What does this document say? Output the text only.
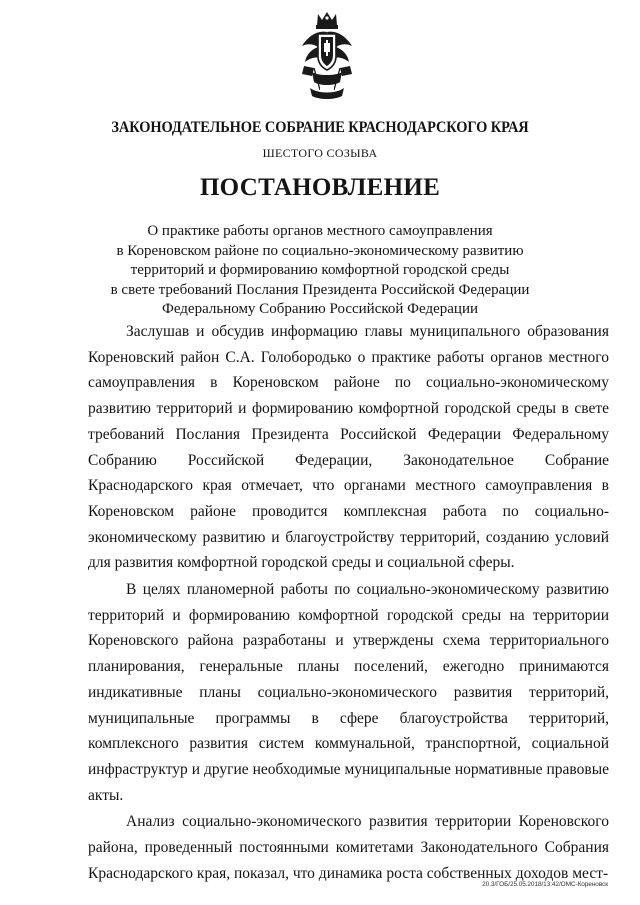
ЗАКОНОДАТЕЛЬНОЕ СОБРАНИЕ КРАСНОДАРСКОГО КРАЯ
ШЕСТОГО СОЗЫВА
ПОСТАНОВЛЕНИЕ
О практике работы органов местного самоуправления
в Кореновском районе по социально-экономическому развитию
территорий и формированию комфортной городской среды
в свете требований Послания Президента Российской Федерации
Федеральному Собранию Российской Федерации

Заслушав и обсудив информацию главы муниципального образования Кореновский район С.А. Голобородько о практике работы органов местного самоуправления в Кореновском районе по социально-экономическому развитию территорий и формированию комфортной городской среды в свете требований Послания Президента Российской Федерации Федеральному Собранию Российской Федерации, Законодательное Собрание Краснодарского края отмечает, что органами местного самоуправления в Кореновском районе проводится комплексная работа по социально-экономическому развитию и благоустройству территорий, созданию условий для развития комфортной городской среды и социальной сферы.

В целях планомерной работы по социально-экономическому развитию территорий и формированию комфортной городской среды на территории Кореновского района разработаны и утверждены схема территориального планирования, генеральные планы поселений, ежегодно принимаются индикативные планы социально-экономического развития территорий, муниципальные программы в сфере благоустройства территорий, комплексного развития систем коммунальной, транспортной, социальной инфраструктур и другие необходимые муниципальные нормативные правовые акты.

Анализ социально-экономического развития территории Кореновского района, проведенный постоянными комитетами Законодательного Собрания Краснодарского края, показал, что динамика роста собственных доходов мест-

20.3/ГОБ/25.05.2018/13:42/ОМС-Кореновск
